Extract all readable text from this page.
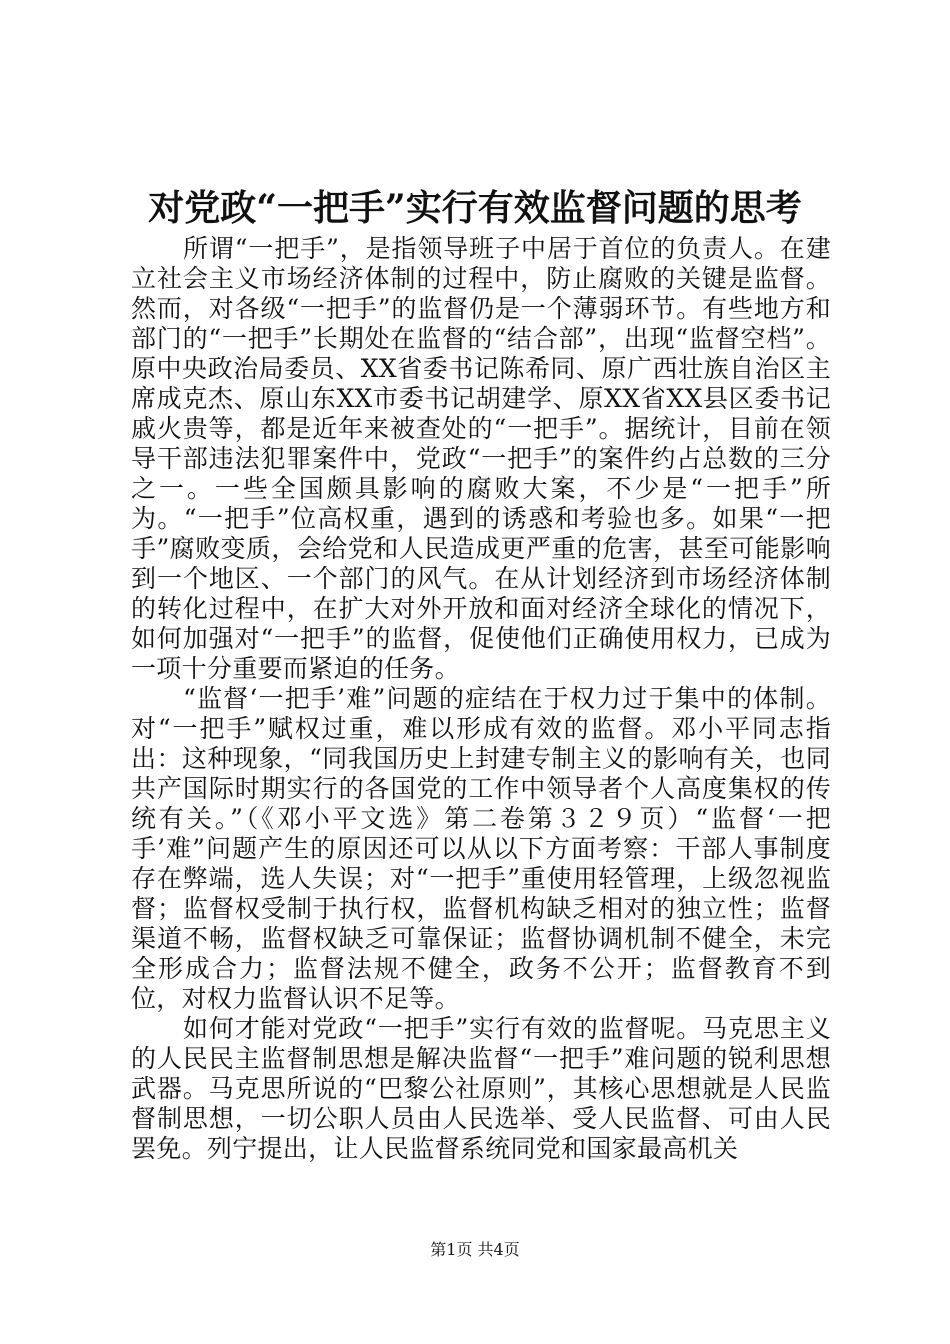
对党政“一把手”实行有效监督问题的思考

所谓“一把手”，是指领导班子中居于首位的负责人。在建立社会主义市场经济体制的过程中，防止腐败的关键是监督。然而，对各级“一把手”的监督仍是一个薄弱环节。有些地方和部门的“一把手”长期处在监督的“结合部”，出现“监督空档”。原中央政治局委员、XX省委书记陈希同、原广西壮族自治区主席成克杰、原山东XX市委书记胡建学、原XX省XX县区委书记戚火贵等，都是近年来被查处的“一把手”。据统计，目前在领导干部违法犯罪案件中，党政“一把手”的案件约占总数的三分之一。一些全国颇具影响的腐败大案，不少是“一把手”所为。“一把手”位高权重，遇到的诱惑和考验也多。如果“一把手”腐败变质，会给党和人民造成更严重的危害，甚至可能影响到一个地区、一个部门的风气。在从计划经济到市场经济体制的转化过程中，在扩大对外开放和面对经济全球化的情况下，如何加强对“一把手”的监督，促使他们正确使用权力，已成为一项十分重要而紧迫的任务。

“监督‘一把手’难”问题的症结在于权力过于集中的体制。对“一把手”赋权过重，难以形成有效的监督。邓小平同志指出：这种现象，“同我国历史上封建专制主义的影响有关，也同共产国际时期实行的各国党的工作中领导者个人高度集权的传统有关。”（《邓小平文选》第二卷第３２９页）“监督‘一把手’难”问题产生的原因还可以从以下方面考察：干部人事制度存在弊端，选人失误；对“一把手”重使用轻管理，上级忽视监督；监督权受制于执行权，监督机构缺乏相对的独立性；监督渠道不畅，监督权缺乏可靠保证；监督协调机制不健全，未完全形成合力；监督法规不健全，政务不公开；监督教育不到位，对权力监督认识不足等。

如何才能对党政“一把手”实行有效的监督呢。马克思主义的人民民主监督制思想是解决监督“一把手”难问题的锐利思想武器。马克思所说的“巴黎公社原则”，其核心思想就是人民监督制思想，一切公职人员由人民选举、受人民监督、可由人民罢免。列宁提出，让人民监督系统同党和国家最高机关

第1页 共4页
